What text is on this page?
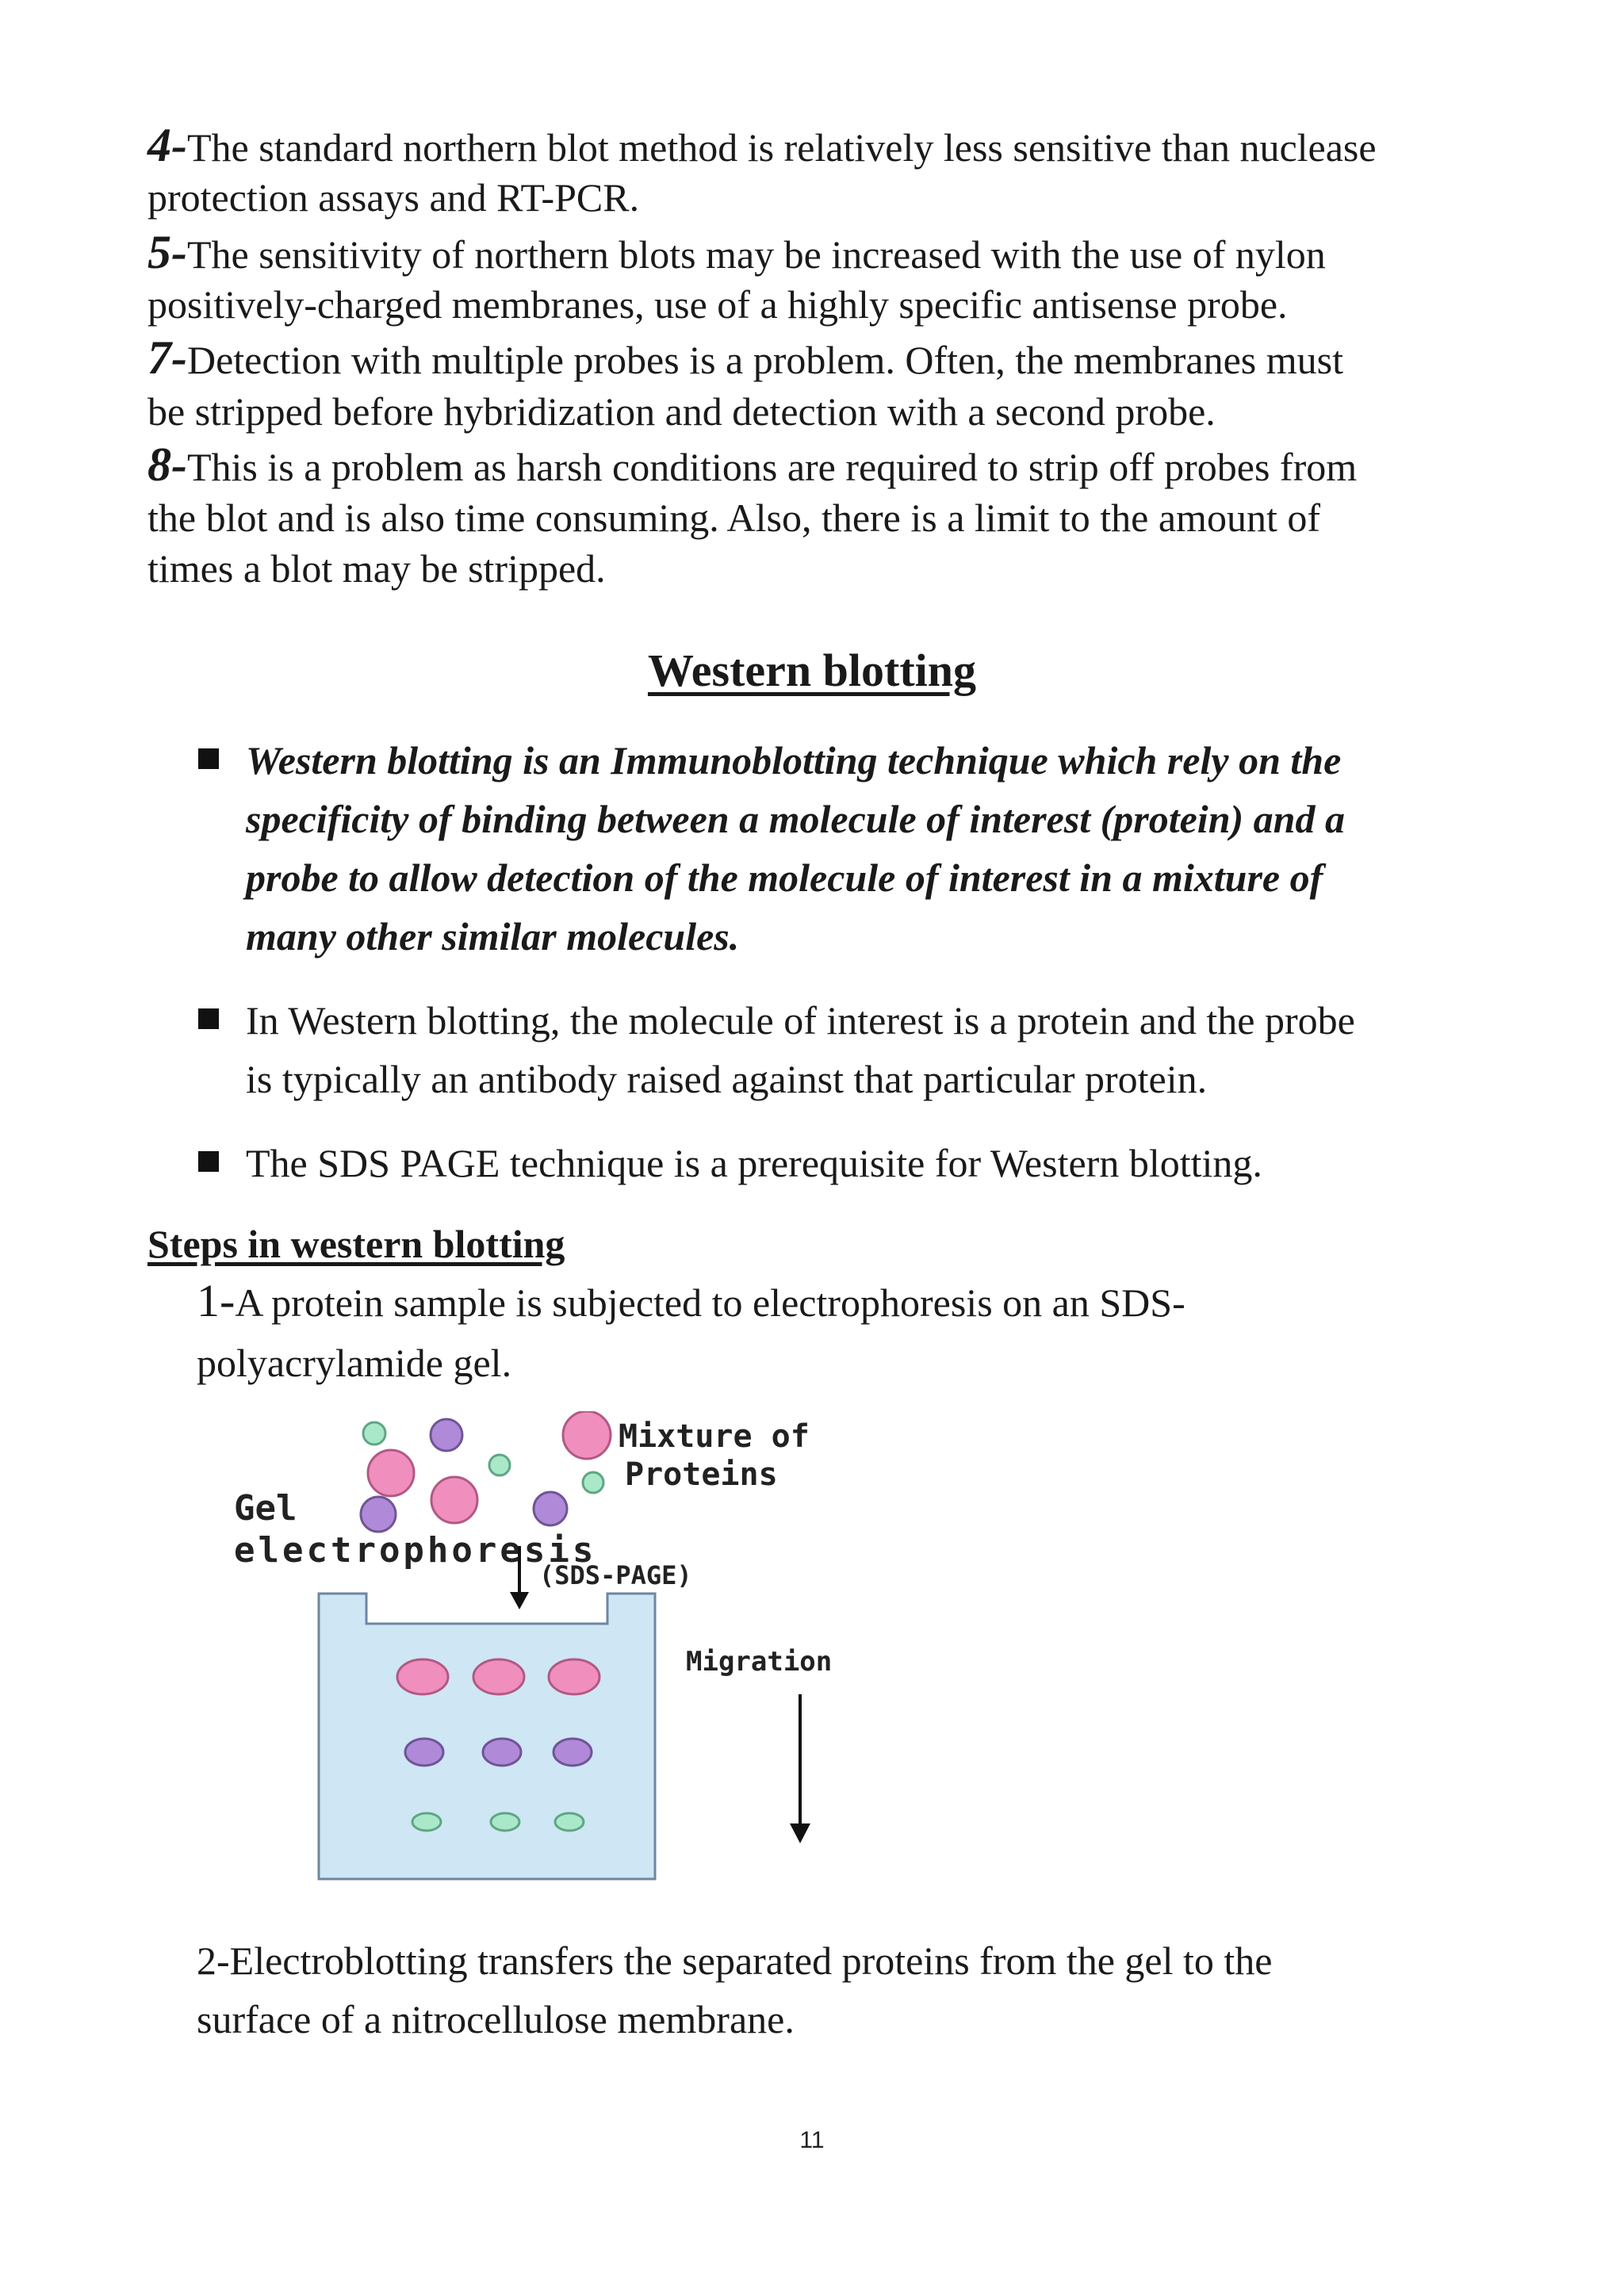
4-The standard northern blot method is relatively less sensitive than nuclease
protection assays and RT-PCR.
5-The sensitivity of northern blots may be increased with the use of nylon
positively-charged membranes, use of a highly specific antisense probe.
7-Detection with multiple probes is a problem. Often, the membranes must
be stripped before hybridization and detection with a second probe.
8-This is a problem as harsh conditions are required to strip off probes from
the blot and is also time consuming. Also, there is a limit to the amount of
times a blot may be stripped.
Western blotting
Western blotting is an Immunoblotting technique which rely on the
specificity of binding between a molecule of interest (protein) and a
probe to allow detection of the molecule of interest in a mixture of
many other similar molecules.
In Western blotting, the molecule of interest is a protein and the probe
is typically an antibody raised against that particular protein.
The SDS PAGE technique is a prerequisite for Western blotting.
Steps in western blotting
1-A protein sample is subjected to electrophoresis on an SDS-
polyacrylamide gel.
Mixture of
Proteins
Gel
electrophoresis
(SDS-PAGE)
Migration
2-Electroblotting transfers the separated proteins from the gel to the
surface of a nitrocellulose membrane.
11
